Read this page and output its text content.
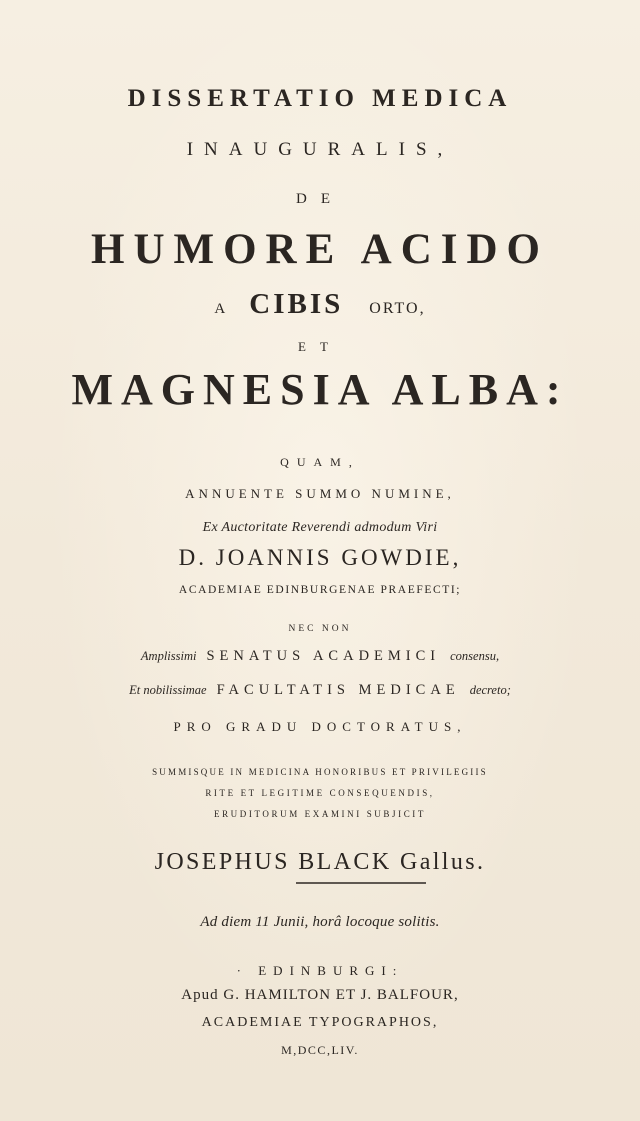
DISSERTATIO MEDICA
INAUGURALIS,
DE
HUMORE ACIDO
A CIBIS ORTO,
ET
MAGNESIA ALBA:
QUAM,
ANNUENTE SUMMO NUMINE,
Ex Auctoritate Reverendi admodum Viri
D. JOANNIS GOWDIE,
ACADEMIAE EDINBURGENAE PRAEFECTI;
NEC NON
Amplissimi SENATUS ACADEMICI consensu,
Et nobilissimae FACULTATIS MEDICAE decreto;
PRO GRADU DOCTORATUS,
SUMMISQUE IN MEDICINA HONORIBUS ET PRIVILEGIIS
RITE ET LEGITIME CONSEQUENDIS,
ERUDITORUM EXAMINI SUBJICIT
JOSEPHUS BLACK Gallus.
Ad diem 11 Junii, horâ locoque solitis.
· EDINBURGI:
Apud G. HAMILTON ET J. BALFOUR,
ACADEMIAE TYPOGRAPHOS,
M,DCC,LIV.
